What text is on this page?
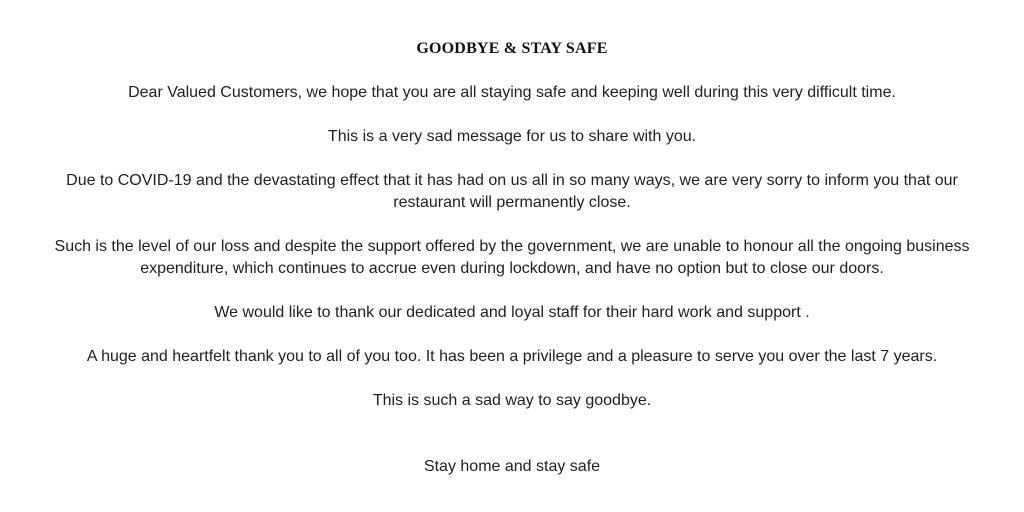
GOODBYE & STAY SAFE

Dear Valued Customers, we hope that you are all staying safe and keeping well during this very difficult time.

This is a very sad message for us to share with you.

Due to COVID-19 and the devastating effect that it has had on us all in so many ways, we are very sorry to inform you that our restaurant will permanently close.

Such is the level of our loss and despite the support offered by the government, we are unable to honour all the ongoing business expenditure, which continues to accrue even during lockdown, and have no option but to close our doors.

We would like to thank our dedicated and loyal staff for their hard work and support .

A huge and heartfelt thank you to all of you too. It has been a privilege and a pleasure to serve you over the last 7 years.

This is such a sad way to say goodbye.

Stay home and stay safe
